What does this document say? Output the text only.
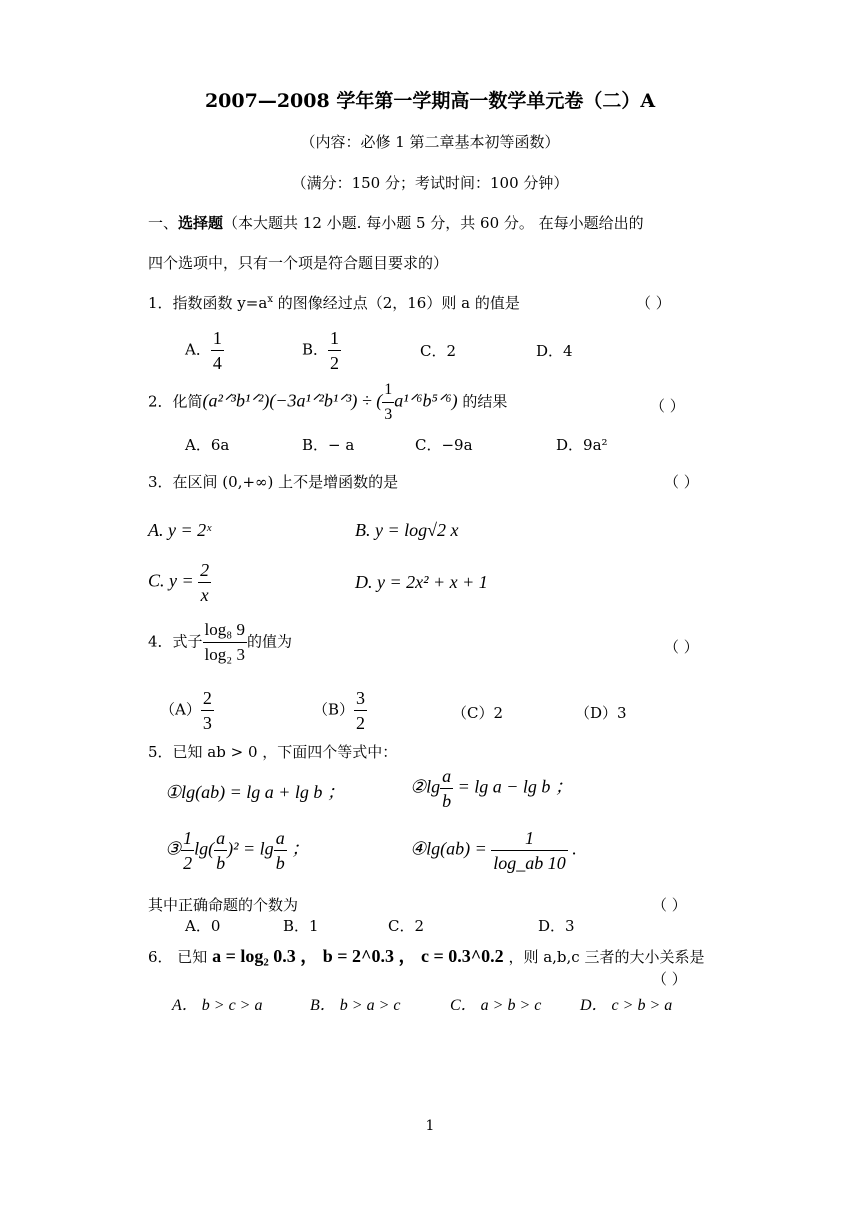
2007—2008 学年第一学期高一数学单元卷（二）A
（内容：必修 1 第二章基本初等函数）
（满分：150 分；考试时间：100 分钟）
一、选择题（本大题共 12 小题. 每小题 5 分，共 60 分。 在每小题给出的
四个选项中，只有一个项是符合题目要求的）
1．指数函数 $y=a^x$ 的图像经过点（2，16）则 a 的值是	（ ）
A． $\frac{1}{4}$	B． $\frac{1}{2}$	C．2	D．4
2．化简(a²ᐟ³b¹ᐟ²)(−3a¹ᐟ²b¹ᐟ³) ÷ ( $\frac{1}{3}$ a¹ᐟ⁶b⁵ᐟ⁶) 的结果	（ ）
A．6a	B．− a	C．−9a	D．9a²
3．在区间 (0,+∞) 上不是增函数的是	（ ）
A. y = 2ˣ	B. y = log√2 x
C. $y = \frac{2}{x}$	D. y = 2x² + x + 1
4．式子 $\frac{\text{log₈ 9}}{\text{log₂ 3}}$ 的值为	（ ）
$(A) \frac{2}{3}$	$(B) \frac{3}{2}$	（C）2	（D）3
5．已知 ab > 0 ，下面四个等式中：
①lg(ab) = lg a + lg b ；	②lg $\frac{a}{b} = \lg a - \lg b$ ；
③ $\frac{1}{2} \lg( \frac{a}{b} )^2 = \lg \frac{a}{b}$ ；	④lg(ab) = $\frac{1}{\log\_ab 10}$ .
其中正确命题的个数为	（ ）
A．0	B．1	C．2	D．3
6． 已知 a = log₂ 0.3 ， b = 2^0.3 ， c = 0.3^0.2 ，则 a,b,c 三者的大小关系是
（ ）
A． b > c > a	B． b > a > c	C． a > b > c D． c > b > a
1
